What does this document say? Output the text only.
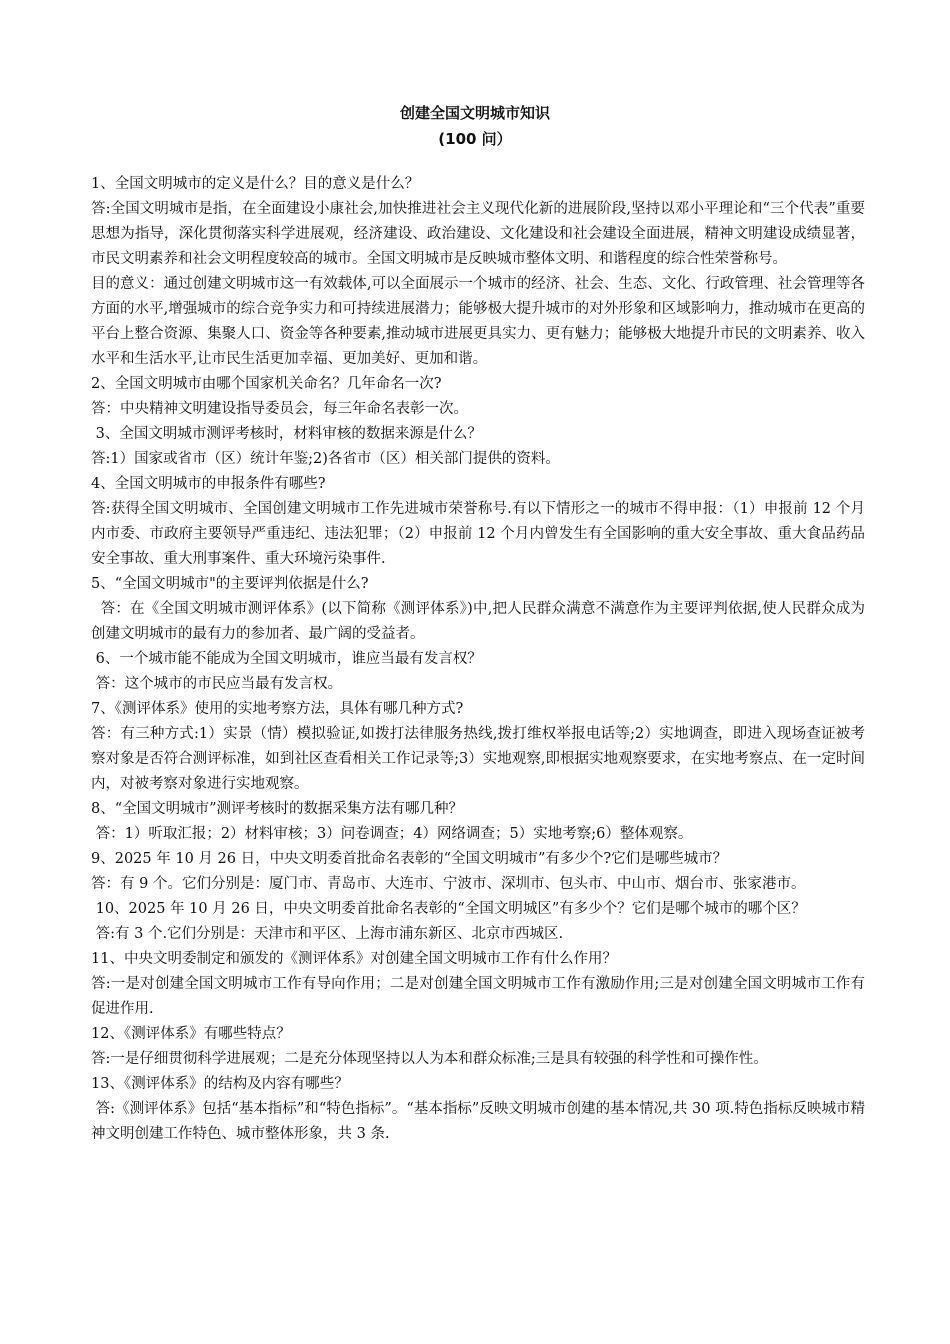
创建全国文明城市知识
(100 问）

1、全国文明城市的定义是什么？目的意义是什么？

答:全国文明城市是指，在全面建设小康社会,加快推进社会主义现代化新的进展阶段,坚持以邓小平理论和“三个代表”重要思想为指导，深化贯彻落实科学进展观，经济建设、政治建设、文化建设和社会建设全面进展，精神文明建设成绩显著，市民文明素养和社会文明程度较高的城市。全国文明城市是反映城市整体文明、和谐程度的综合性荣誉称号。

目的意义：通过创建文明城市这一有效载体,可以全面展示一个城市的经济、社会、生态、文化、行政管理、社会管理等各方面的水平,增强城市的综合竞争实力和可持续进展潜力；能够极大提升城市的对外形象和区域影响力，推动城市在更高的平台上整合资源、集聚人口、资金等各种要素,推动城市进展更具实力、更有魅力；能够极大地提升市民的文明素养、收入水平和生活水平,让市民生活更加幸福、更加美好、更加和谐。

2、全国文明城市由哪个国家机关命名？几年命名一次?

答：中央精神文明建设指导委员会，每三年命名表彰一次。

3、全国文明城市测评考核时，材料审核的数据来源是什么？

答:1）国家或省市（区）统计年鉴;2)各省市（区）相关部门提供的资料。

4、全国文明城市的申报条件有哪些?

答:获得全国文明城市、全国创建文明城市工作先进城市荣誉称号.有以下情形之一的城市不得申报：（1）申报前 12 个月内市委、市政府主要领导严重违纪、违法犯罪；（2）申报前 12 个月内曾发生有全国影响的重大安全事故、重大食品药品安全事故、重大刑事案件、重大环境污染事件.

5、“全国文明城市"的主要评判依据是什么?

答：在《全国文明城市测评体系》(以下简称《测评体系》)中,把人民群众满意不满意作为主要评判依据,使人民群众成为创建文明城市的最有力的参加者、最广阔的受益者。

6、一个城市能不能成为全国文明城市，谁应当最有发言权？

答：这个城市的市民应当最有发言权。

7、《测评体系》使用的实地考察方法，具体有哪几种方式?

答：有三种方式:1）实景（情）模拟验证,如拨打法律服务热线,拨打维权举报电话等;2）实地调查，即进入现场查证被考察对象是否符合测评标准，如到社区查看相关工作记录等;3）实地观察,即根据实地观察要求，在实地考察点、在一定时间内，对被考察对象进行实地观察。

8、“全国文明城市”测评考核时的数据采集方法有哪几种？

答：1）听取汇报；2）材料审核；3）问卷调查；4）网络调查；5）实地考察;6）整体观察。

9、2025 年 10 月 26 日，中央文明委首批命名表彰的“全国文明城市”有多少个?它们是哪些城市？

答：有 9 个。它们分别是：厦门市、青岛市、大连市、宁波市、深圳市、包头市、中山市、烟台市、张家港市。

10、2025 年 10 月 26 日，中央文明委首批命名表彰的“全国文明城区”有多少个？它们是哪个城市的哪个区？

答:有 3 个.它们分别是：天津市和平区、上海市浦东新区、北京市西城区.

11、中央文明委制定和颁发的《测评体系》对创建全国文明城市工作有什么作用？

答:一是对创建全国文明城市工作有导向作用；二是对创建全国文明城市工作有激励作用;三是对创建全国文明城市工作有促进作用.

12、《测评体系》有哪些特点？

答:一是仔细贯彻科学进展观；二是充分体现坚持以人为本和群众标准;三是具有较强的科学性和可操作性。

13、《测评体系》的结构及内容有哪些？

答:《测评体系》包括“基本指标”和“特色指标”。“基本指标”反映文明城市创建的基本情况,共 30 项.特色指标反映城市精神文明创建工作特色、城市整体形象，共 3 条.
